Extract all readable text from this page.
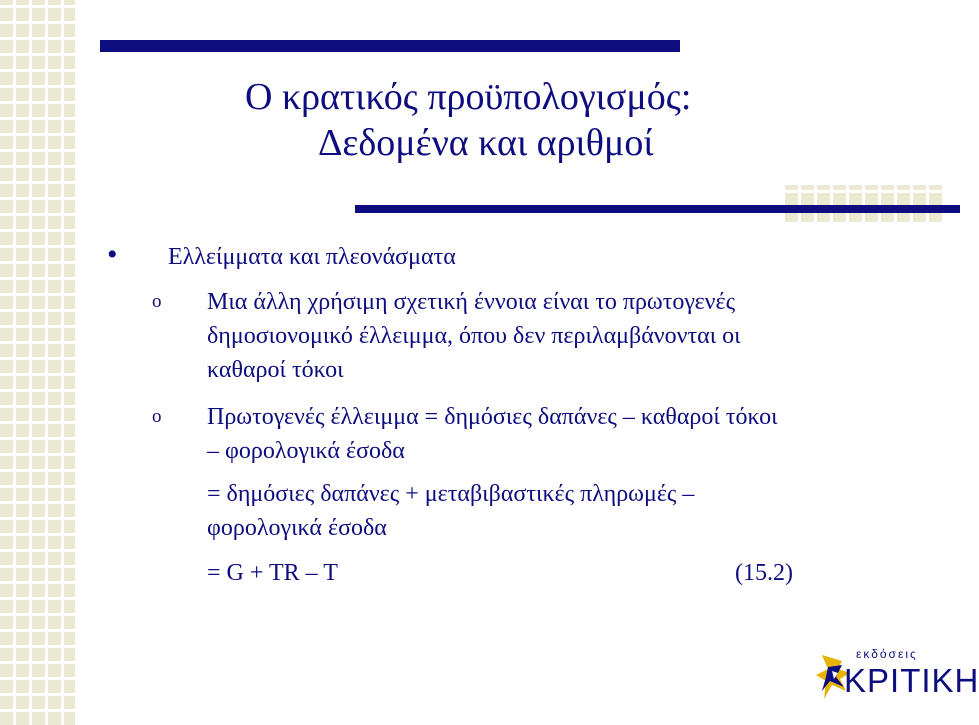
Ο κρατικός προϋπολογισμός:
Δεδομένα και αριθμοί
• Ελλείμματα και πλεονάσματα
o Μια άλλη χρήσιμη σχετική έννοια είναι το πρωτογενές
δημοσιονομικό έλλειμμα, όπου δεν περιλαμβάνονται οι
καθαροί τόκοι
o Πρωτογενές έλλειμμα = δημόσιες δαπάνες – καθαροί τόκοι
– φορολογικά έσοδα
= δημόσιες δαπάνες + μεταβιβαστικές πληρωμές –
φορολογικά έσοδα
= G + TR – T	(15.2)
εκδόσεις
ΚΡΙΤΙΚΗ
